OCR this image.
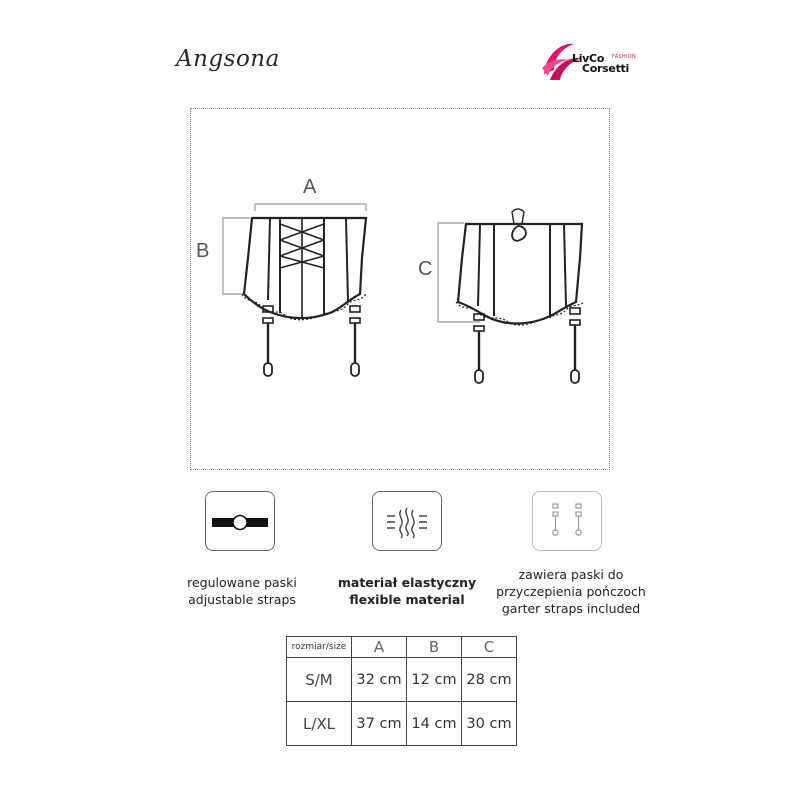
Angsona	LivCo FASHION
Corsetti
A
B
C
regulowane paski
adjustable straps
materiał elastyczny
flexible material
zawiera paski do
przyczepienia pończoch
garter straps included
rozmiar/size	A	B	C
S/M	32 cm	12 cm	28 cm
L/XL	37 cm	14 cm	30 cm
